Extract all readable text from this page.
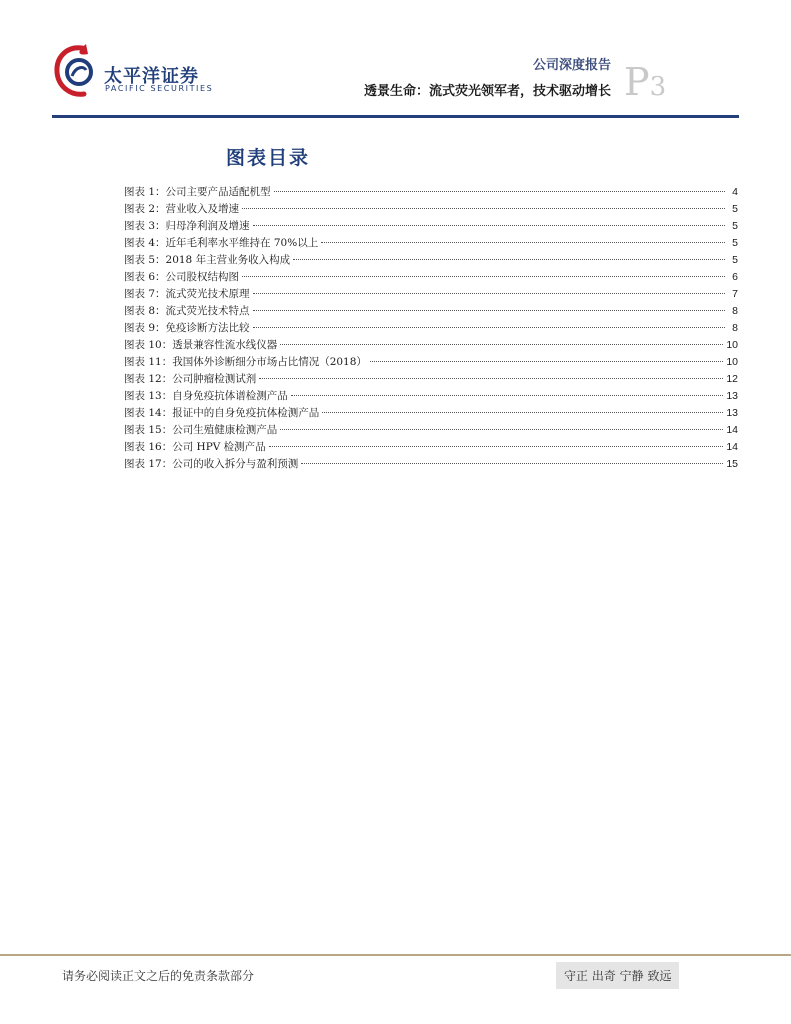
太平洋证券
PACIFIC SECURITIES
公司深度报告
透景生命：流式荧光领军者，技术驱动增长 P3
图表目录
图表 1：公司主要产品适配机型	4
图表 2：营业收入及增速	5
图表 3：归母净利润及增速	5
图表 4：近年毛利率水平维持在 70%以上	5
图表 5：2018 年主营业务收入构成	5
图表 6：公司股权结构图	6
图表 7：流式荧光技术原理	7
图表 8：流式荧光技术特点	8
图表 9：免疫诊断方法比较	8
图表 10：透景兼容性流水线仪器	10
图表 11：我国体外诊断细分市场占比情况（2018）	10
图表 12：公司肿瘤检测试剂	12
图表 13：自身免疫抗体谱检测产品	13
图表 14：报证中的自身免疫抗体检测产品	13
图表 15：公司生殖健康检测产品	14
图表 16：公司 HPV 检测产品	14
图表 17：公司的收入拆分与盈利预测	15
请务必阅读正文之后的免责条款部分	守正 出奇 宁静 致远
